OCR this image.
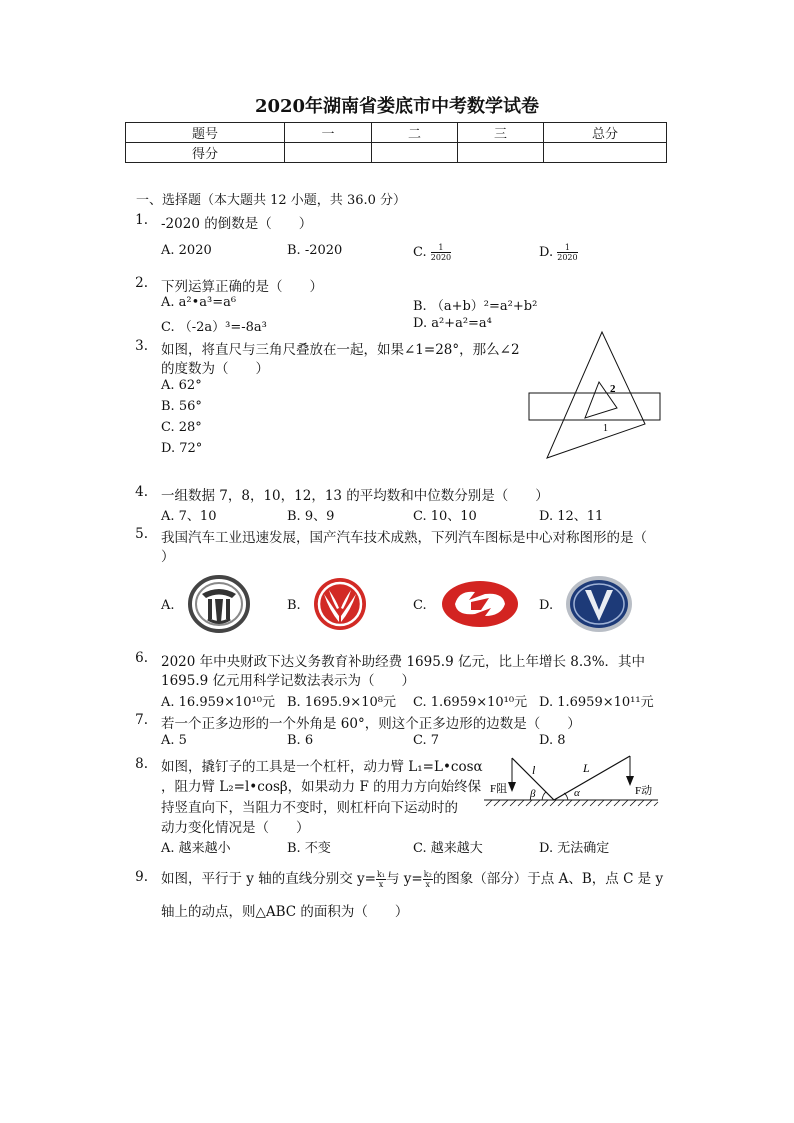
2020年湖南省娄底市中考数学试卷
题号	一	二	三	总分
得分				
一、选择题（本大题共 12 小题，共 36.0 分）
1. -2020 的倒数是（　　）
A. 2020	B. -2020	C. $\frac{1}{2020}$	D. $\frac{1}{2020}$
2. 下列运算正确的是（　　）
A. a²•a³=a⁶	B. （a+b）²=a²+b²
C. （-2a）³=-8a³	D. a²+a²=a⁴
3. 如图，将直尺与三角尺叠放在一起，如果∠1=28°，那么∠2
的度数为（　　）
A. 62°
B. 56°
C. 28°
D. 72°
2
1
4. 一组数据 7，8，10，12，13 的平均数和中位数分别是（　　）
A. 7、10	B. 9、9	C. 10、10	D. 12、11
5. 我国汽车工业迅速发展，国产汽车技术成熟，下列汽车图标是中心对称图形的是（
）
A.	B.	C.	D.
6. 2020 年中央财政下达义务教育补助经费 1695.9 亿元，比上年增长 8.3%．其中
1695.9 亿元用科学记数法表示为（　　）
A. 16.959×10¹⁰元 B. 1695.9×10⁸元 C. 1.6959×10¹⁰元 D. 1.6959×10¹¹元
7. 若一个正多边形的一个外角是 60°，则这个正多边形的边数是（　　）
A. 5	B. 6	C. 7	D. 8
8. 如图，撬钉子的工具是一个杠杆，动力臂 L₁=L•cosα
，阻力臂 L₂=l•cosβ，如果动力 F 的用力方向始终保
持竖直向下，当阻力不变时，则杠杆向下运动时的
动力变化情况是（　　）
A. 越来越小	B. 不变	C. 越来越大	D. 无法确定
F阻	F动
l	L
β	α
9. 如图，平行于 y 轴的直线分别交 $y= \frac{\text{k₁}}{x}$ 与 $y= \frac{\text{k₂}}{x}$ 的图象（部分）于点 A、B，点 C 是 y
轴上的动点，则△ABC 的面积为（　　）
